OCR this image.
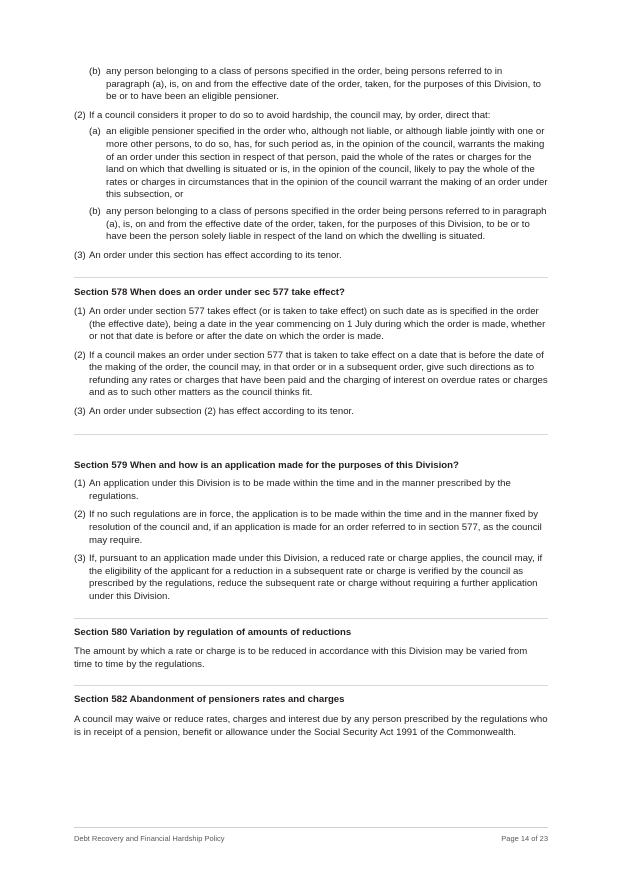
(b) any person belonging to a class of persons specified in the order, being persons referred to in paragraph (a), is, on and from the effective date of the order, taken, for the purposes of this Division, to be or to have been an eligible pensioner.
(2) If a council considers it proper to do so to avoid hardship, the council may, by order, direct that:
(a) an eligible pensioner specified in the order who, although not liable, or although liable jointly with one or more other persons, to do so, has, for such period as, in the opinion of the council, warrants the making of an order under this section in respect of that person, paid the whole of the rates or charges for the land on which that dwelling is situated or is, in the opinion of the council, likely to pay the whole of the rates or charges in circumstances that in the opinion of the council warrant the making of an order under this subsection, or
(b) any person belonging to a class of persons specified in the order being persons referred to in paragraph (a), is, on and from the effective date of the order, taken, for the purposes of this Division, to be or to have been the person solely liable in respect of the land on which the dwelling is situated.
(3) An order under this section has effect according to its tenor.
Section 578 When does an order under sec 577 take effect?
(1) An order under section 577 takes effect (or is taken to take effect) on such date as is specified in the order (the effective date), being a date in the year commencing on 1 July during which the order is made, whether or not that date is before or after the date on which the order is made.
(2) If a council makes an order under section 577 that is taken to take effect on a date that is before the date of the making of the order, the council may, in that order or in a subsequent order, give such directions as to refunding any rates or charges that have been paid and the charging of interest on overdue rates or charges and as to such other matters as the council thinks fit.
(3) An order under subsection (2) has effect according to its tenor.
Section 579 When and how is an application made for the purposes of this Division?
(1) An application under this Division is to be made within the time and in the manner prescribed by the regulations.
(2) If no such regulations are in force, the application is to be made within the time and in the manner fixed by resolution of the council and, if an application is made for an order referred to in section 577, as the council may require.
(3) If, pursuant to an application made under this Division, a reduced rate or charge applies, the council may, if the eligibility of the applicant for a reduction in a subsequent rate or charge is verified by the council as prescribed by the regulations, reduce the subsequent rate or charge without requiring a further application under this Division.
Section 580 Variation by regulation of amounts of reductions
The amount by which a rate or charge is to be reduced in accordance with this Division may be varied from time to time by the regulations.
Section 582 Abandonment of pensioners rates and charges
A council may waive or reduce rates, charges and interest due by any person prescribed by the regulations who is in receipt of a pension, benefit or allowance under the Social Security Act 1991 of the Commonwealth.
Debt Recovery and Financial Hardship Policy	Page 14 of 23
